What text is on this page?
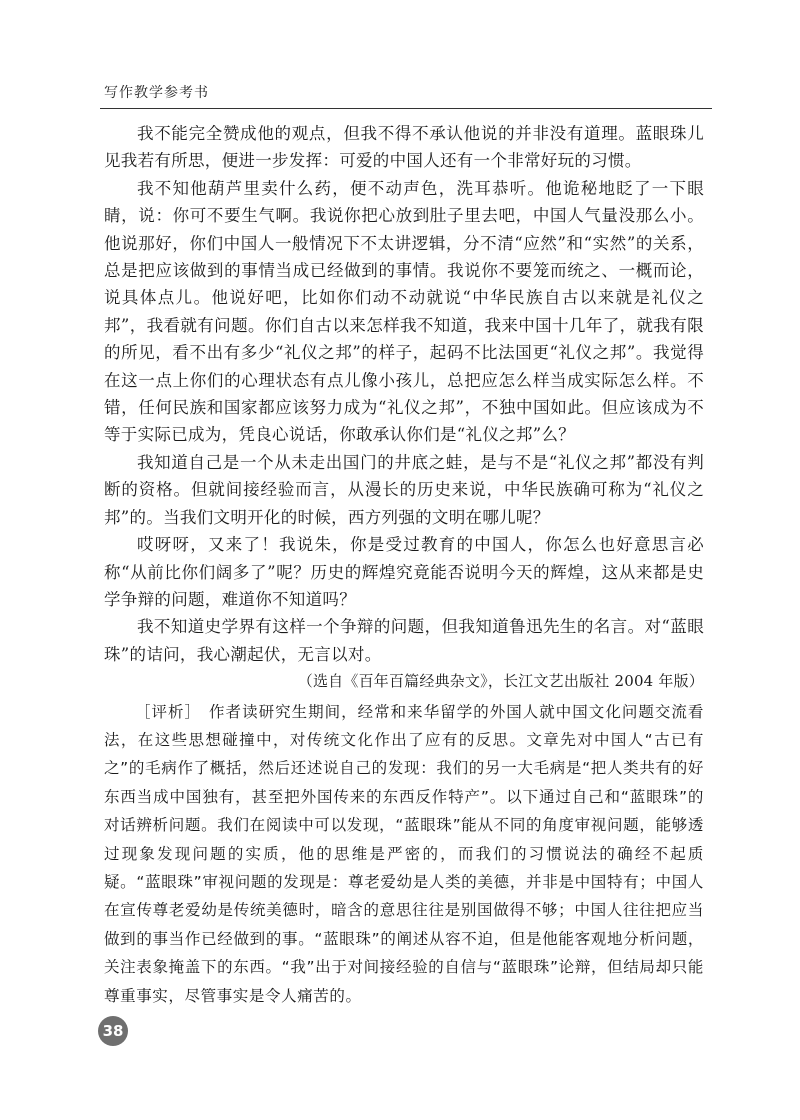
写作教学参考书

我不能完全赞成他的观点，但我不得不承认他说的并非没有道理。蓝眼珠儿见我若有所思，便进一步发挥：可爱的中国人还有一个非常好玩的习惯。

我不知他葫芦里卖什么药，便不动声色，洗耳恭听。他诡秘地眨了一下眼睛，说：你可不要生气啊。我说你把心放到肚子里去吧，中国人气量没那么小。他说那好，你们中国人一般情况下不太讲逻辑，分不清“应然”和“实然”的关系，总是把应该做到的事情当成已经做到的事情。我说你不要笼而统之、一概而论，说具体点儿。他说好吧，比如你们动不动就说“中华民族自古以来就是礼仪之邦”，我看就有问题。你们自古以来怎样我不知道，我来中国十几年了，就我有限的所见，看不出有多少“礼仪之邦”的样子，起码不比法国更“礼仪之邦”。我觉得在这一点上你们的心理状态有点儿像小孩儿，总把应怎么样当成实际怎么样。不错，任何民族和国家都应该努力成为“礼仪之邦”，不独中国如此。但应该成为不等于实际已成为，凭良心说话，你敢承认你们是“礼仪之邦”么？

我知道自己是一个从未走出国门的井底之蛙，是与不是“礼仪之邦”都没有判断的资格。但就间接经验而言，从漫长的历史来说，中华民族确可称为“礼仪之邦”的。当我们文明开化的时候，西方列强的文明在哪儿呢？

哎呀呀，又来了！我说朱，你是受过教育的中国人，你怎么也好意思言必称“从前比你们阔多了”呢？历史的辉煌究竟能否说明今天的辉煌，这从来都是史学争辩的问题，难道你不知道吗？

我不知道史学界有这样一个争辩的问题，但我知道鲁迅先生的名言。对“蓝眼珠”的诘问，我心潮起伏，无言以对。

（选自《百年百篇经典杂文》，长江文艺出版社 2004 年版）

［评析］ 作者读研究生期间，经常和来华留学的外国人就中国文化问题交流看法，在这些思想碰撞中，对传统文化作出了应有的反思。文章先对中国人“古已有之”的毛病作了概括，然后还述说自己的发现：我们的另一大毛病是“把人类共有的好东西当成中国独有，甚至把外国传来的东西反作特产”。以下通过自己和“蓝眼珠”的对话辨析问题。我们在阅读中可以发现，“蓝眼珠”能从不同的角度审视问题，能够透过现象发现问题的实质，他的思维是严密的，而我们的习惯说法的确经不起质疑。“蓝眼珠”审视问题的发现是：尊老爱幼是人类的美德，并非是中国特有；中国人在宣传尊老爱幼是传统美德时，暗含的意思往往是别国做得不够；中国人往往把应当做到的事当作已经做到的事。“蓝眼珠”的阐述从容不迫，但是他能客观地分析问题，关注表象掩盖下的东西。“我”出于对间接经验的自信与“蓝眼珠”论辩，但结局却只能尊重事实，尽管事实是令人痛苦的。

38
